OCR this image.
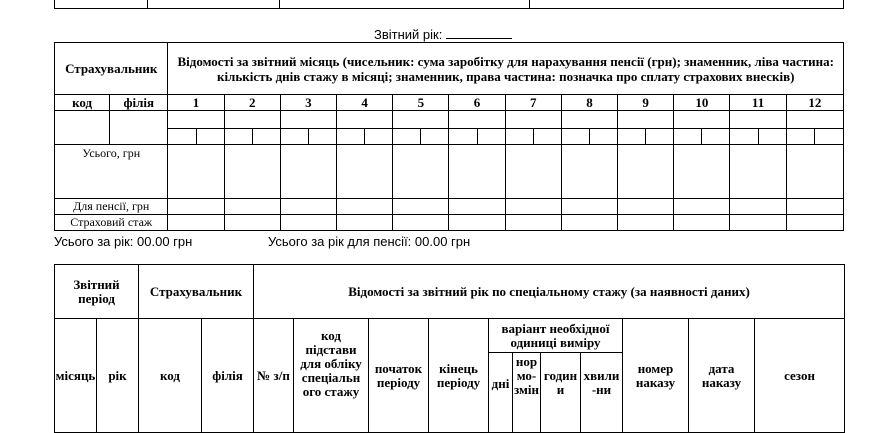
Звітний рік:
Страхувальник		Відомості за звітний місяць (чисельник: сума заробітку для нарахування пенсії (грн); знаменник, ліва частина: кількість днів стажу в місяці; знаменник, права частина: позначка про сплату страхових внесків)											
код	філія	1	2	3	4	5	6	7	8	9	10	11	12

Усього, грн													
Для пенсії, грн													
Страховий стаж													
Усього за рік: 00.00 грн	Усього за рік для пенсії: 00.00 грн
Звітний період		Страхувальник		Відомості за звітний рік по спеціальному стажу (за наявності даних)										
місяць	рік	код	філія	№ з/п	код підстави для обліку спеціальн ого стажу	початок періоду	кінець періоду	варіант необхідної одиниці виміру				номер наказу	дата наказу	сезон
								дні	нор мо- змін	годин и	хвили -ни			
